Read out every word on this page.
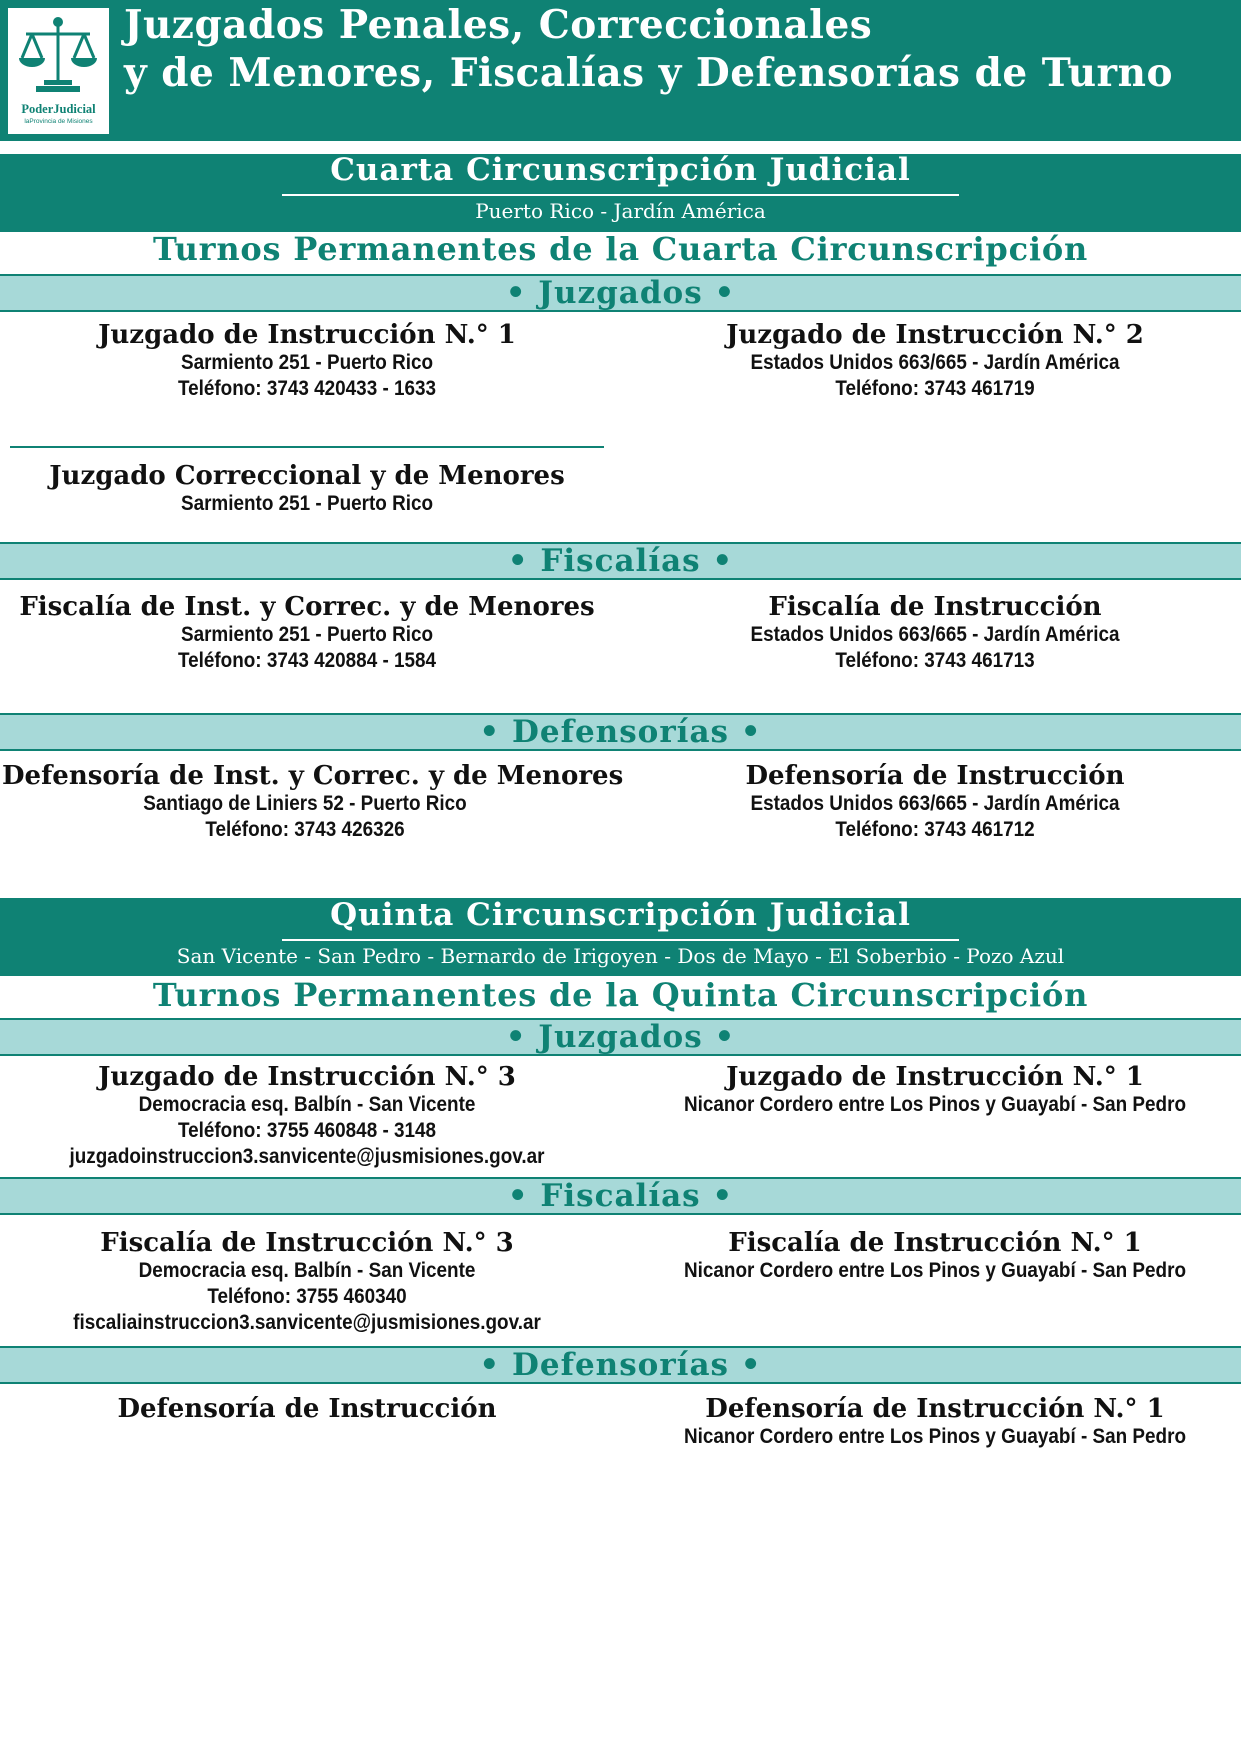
PoderJudicial
laProvincia de Misiones
Juzgados Penales, Correccionales
y de Menores, Fiscalías y Defensorías de Turno
Cuarta Circunscripción Judicial
Puerto Rico - Jardín América
Turnos Permanentes de la Cuarta Circunscripción
• Juzgados •
Juzgado de Instrucción N.° 1
Sarmiento 251 - Puerto Rico
Teléfono: 3743 420433 - 1633
Juzgado de Instrucción N.° 2
Estados Unidos 663/665 - Jardín América
Teléfono: 3743 461719
Juzgado Correccional y de Menores
Sarmiento 251 - Puerto Rico
• Fiscalías •
Fiscalía de Inst. y Correc. y de Menores
Sarmiento 251 - Puerto Rico
Teléfono: 3743 420884 - 1584
Fiscalía de Instrucción
Estados Unidos 663/665 - Jardín América
Teléfono: 3743 461713
• Defensorías •
Defensoría de Inst. y Correc. y de Menores
Santiago de Liniers 52 - Puerto Rico
Teléfono: 3743 426326
Defensoría de Instrucción
Estados Unidos 663/665 - Jardín América
Teléfono: 3743 461712
Quinta Circunscripción Judicial
San Vicente - San Pedro - Bernardo de Irigoyen - Dos de Mayo - El Soberbio - Pozo Azul
Turnos Permanentes de la Quinta Circunscripción
• Juzgados •
Juzgado de Instrucción N.° 3
Democracia esq. Balbín - San Vicente
Teléfono: 3755 460848 - 3148
juzgadoinstruccion3.sanvicente@jusmisiones.gov.ar
Juzgado de Instrucción N.° 1
Nicanor Cordero entre Los Pinos y Guayabí - San Pedro
• Fiscalías •
Fiscalía de Instrucción N.° 3
Democracia esq. Balbín - San Vicente
Teléfono: 3755 460340
fiscaliainstruccion3.sanvicente@jusmisiones.gov.ar
Fiscalía de Instrucción N.° 1
Nicanor Cordero entre Los Pinos y Guayabí - San Pedro
• Defensorías •
Defensoría de Instrucción	Defensoría de Instrucción N.° 1
Nicanor Cordero entre Los Pinos y Guayabí - San Pedro
